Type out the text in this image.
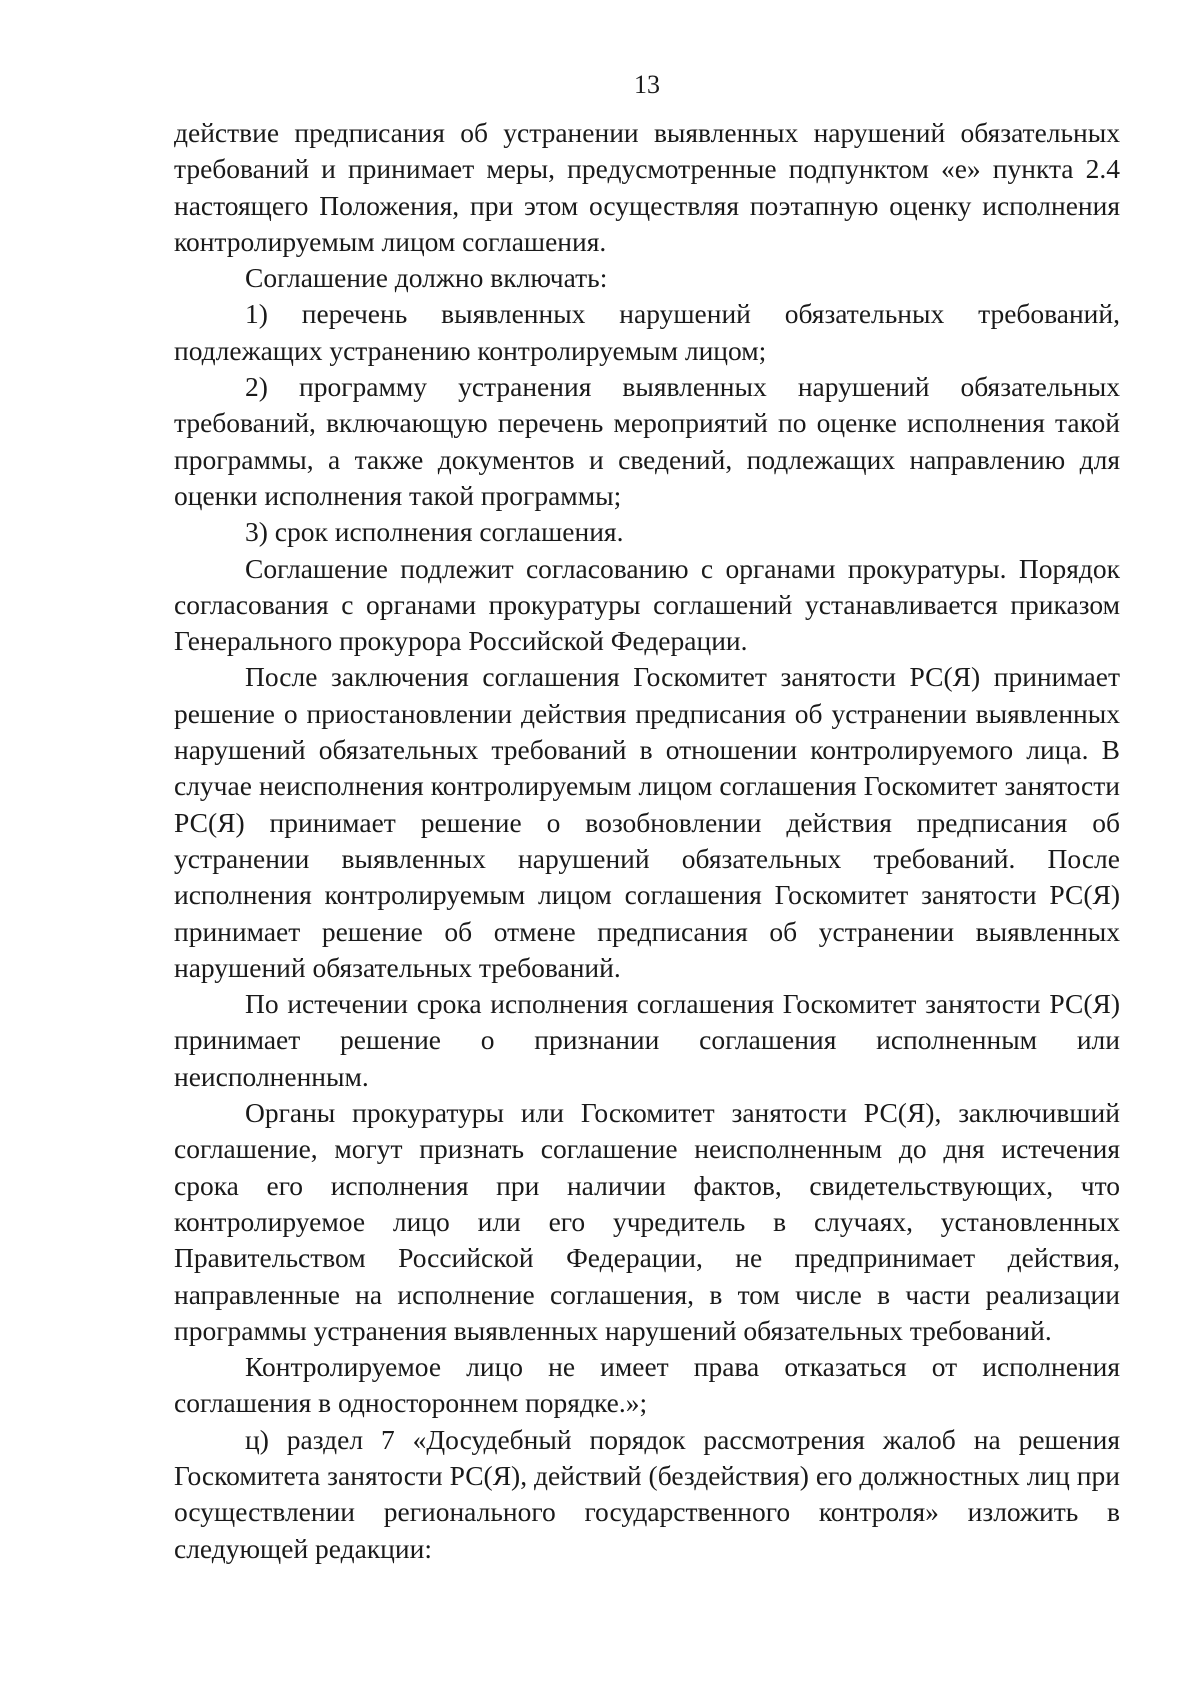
13

действие предписания об устранении выявленных нарушений обязательных требований и принимает меры, предусмотренные подпунктом «е» пункта 2.4 настоящего Положения, при этом осуществляя поэтапную оценку исполнения контролируемым лицом соглашения.

Соглашение должно включать:

1) перечень выявленных нарушений обязательных требований, подлежащих устранению контролируемым лицом;

2) программу устранения выявленных нарушений обязательных требований, включающую перечень мероприятий по оценке исполнения такой программы, а также документов и сведений, подлежащих направлению для оценки исполнения такой программы;

3) срок исполнения соглашения.

Соглашение подлежит согласованию с органами прокуратуры. Порядок согласования с органами прокуратуры соглашений устанавливается приказом Генерального прокурора Российской Федерации.

После заключения соглашения Госкомитет занятости РС(Я) принимает решение о приостановлении действия предписания об устранении выявленных нарушений обязательных требований в отношении контролируемого лица. В случае неисполнения контролируемым лицом соглашения Госкомитет занятости РС(Я) принимает решение о возобновлении действия предписания об устранении выявленных нарушений обязательных требований. После исполнения контролируемым лицом соглашения Госкомитет занятости РС(Я) принимает решение об отмене предписания об устранении выявленных нарушений обязательных требований.

По истечении срока исполнения соглашения Госкомитет занятости РС(Я) принимает решение о признании соглашения исполненным или неисполненным.

Органы прокуратуры или Госкомитет занятости РС(Я), заключивший соглашение, могут признать соглашение неисполненным до дня истечения срока его исполнения при наличии фактов, свидетельствующих, что контролируемое лицо или его учредитель в случаях, установленных Правительством Российской Федерации, не предпринимает действия, направленные на исполнение соглашения, в том числе в части реализации программы устранения выявленных нарушений обязательных требований.

Контролируемое лицо не имеет права отказаться от исполнения соглашения в одностороннем порядке.»;

ц) раздел 7 «Досудебный порядок рассмотрения жалоб на решения Госкомитета занятости РС(Я), действий (бездействия) его должностных лиц при осуществлении регионального государственного контроля» изложить в следующей редакции:
